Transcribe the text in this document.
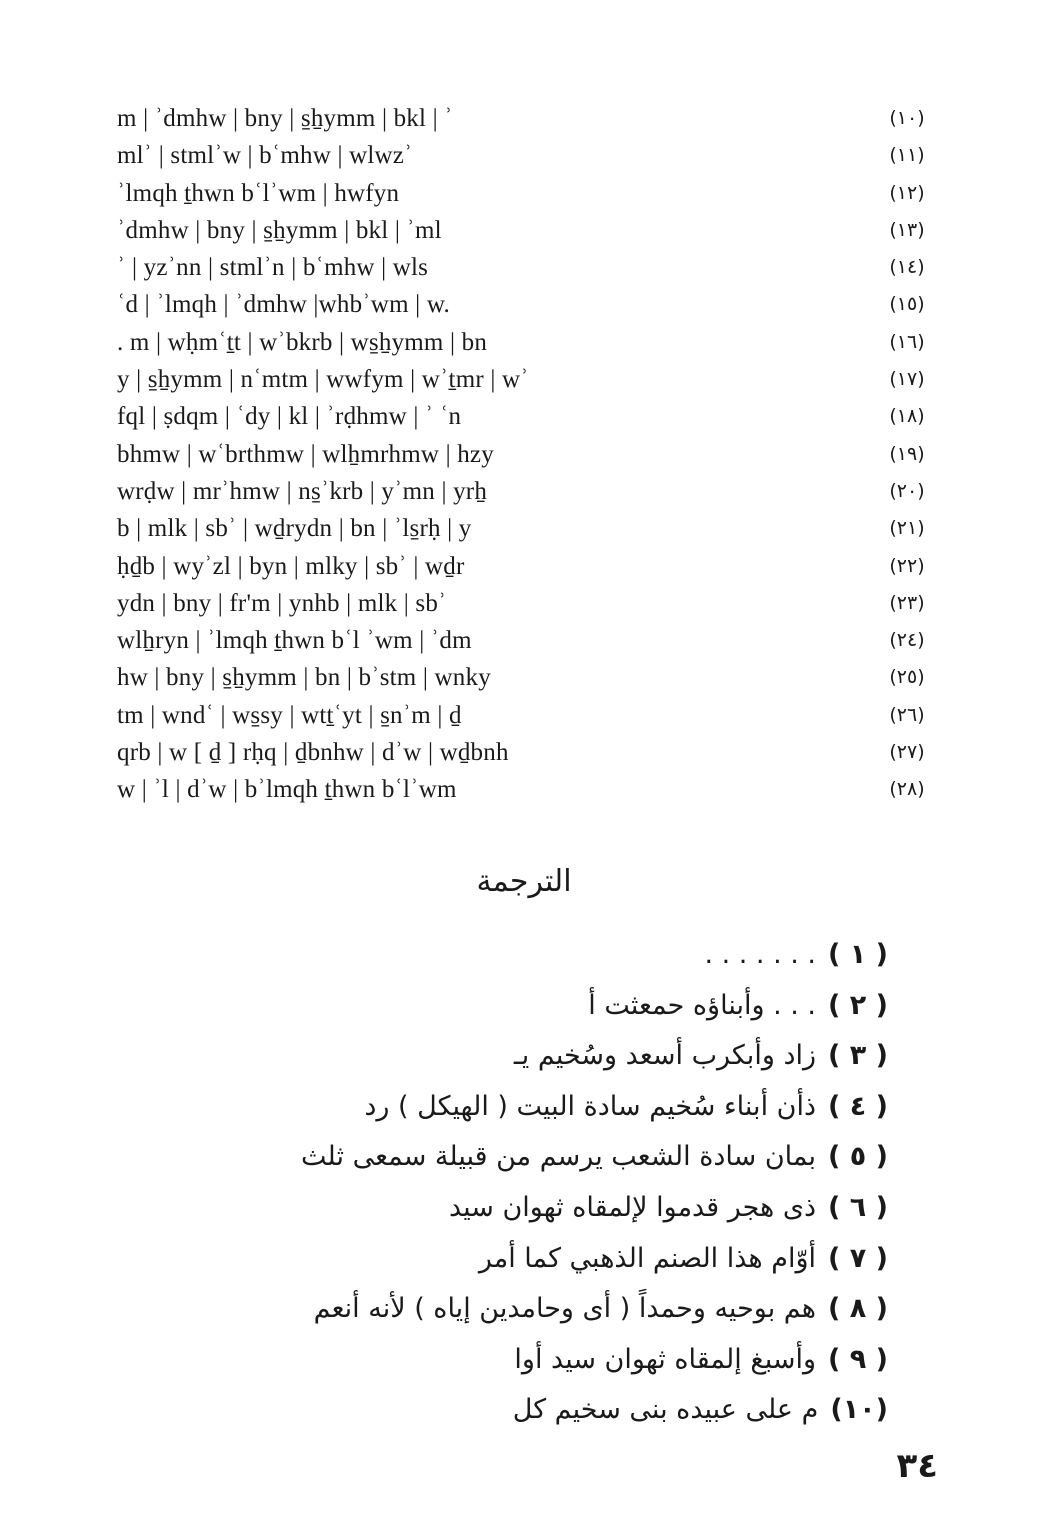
m | ʾdmhw | bny | s̱ẖymm | bkl | ʾ	(١٠)
mlʾ | stmlʾw | bʿmhw | wlwzʾ	(١١)
ʾlmqh ṯhwn bʿlʾwm | hwfyn	(١٢)
ʾdmhw | bny | s̱ẖymm | bkl | ʾml	(١٣)
ʾ | yzʾnn | stmlʾn | bʿmhw | wls	(١٤)
ʿd | ʾlmqh | ʾdmhw |whbʾwm | w.	(١٥)
. m | wḥmʿṯt | wʾbkrb | ws̱ẖymm | bn	(١٦)
y | s̱ẖymm | nʿmtm | wwfym | wʾṯmr | wʾ	(١٧)
fql | ṣdqm | ʿdy | kl | ʾrḍhmw | ʾ ʿn	(١٨)
bhmw | wʿbrthmw | wlẖmrhmw | hzy	(١٩)
wrḍw | mrʾhmw | ns̱ʾkrb | yʾmn | yrẖ	(٢٠)
b | mlk | sbʾ | wḏrydn | bn | ʾls̱rḥ | y	(٢١)
ḥḏb | wyʾzl | byn | mlky | sbʾ | wḏr	(٢٢)
ydn | bny | fr'm | ynhb | mlk | sbʾ	(٢٣)
wlẖryn | ʾlmqh ṯhwn bʿl ʾwm | ʾdm	(٢٤)
hw | bny | s̱ẖymm | bn | bʾstm | wnky	(٢٥)
tm | wndʿ | ws̱sy | wtṯʿyt | s̱nʾm | ḏ	(٢٦)
qrb | w [ ḏ ] rḥq | ḏbnhw | dʾw | wḏbnh	(٢٧)
w | ʾl | dʾw | bʾlmqh ṯhwn bʿlʾwm	(٢٨)
الترجمة
( ١ ). . . . . . .
( ٢ ). . . وأبناؤه حمعثت أ
( ٣ )زاد وأبكرب أسعد وسُخيم يـ
( ٤ )ذأن أبناء سُخيم سادة البيت ( الهيكل ) رد
( ٥ )بمان سادة الشعب يرسم من قبيلة سمعى ثلث
( ٦ )ذى هجر قدموا لإلمقاه ثهوان سيد
( ٧ )أوّام هذا الصنم الذهبي كما أمر
( ٨ )هم بوحيه وحمداً ( أى وحامدين إياه ) لأنه أنعم
( ٩ )وأسبغ إلمقاه ثهوان سيد أوا
(١٠)م على عبيده بنى سخيم كل
٣٤
